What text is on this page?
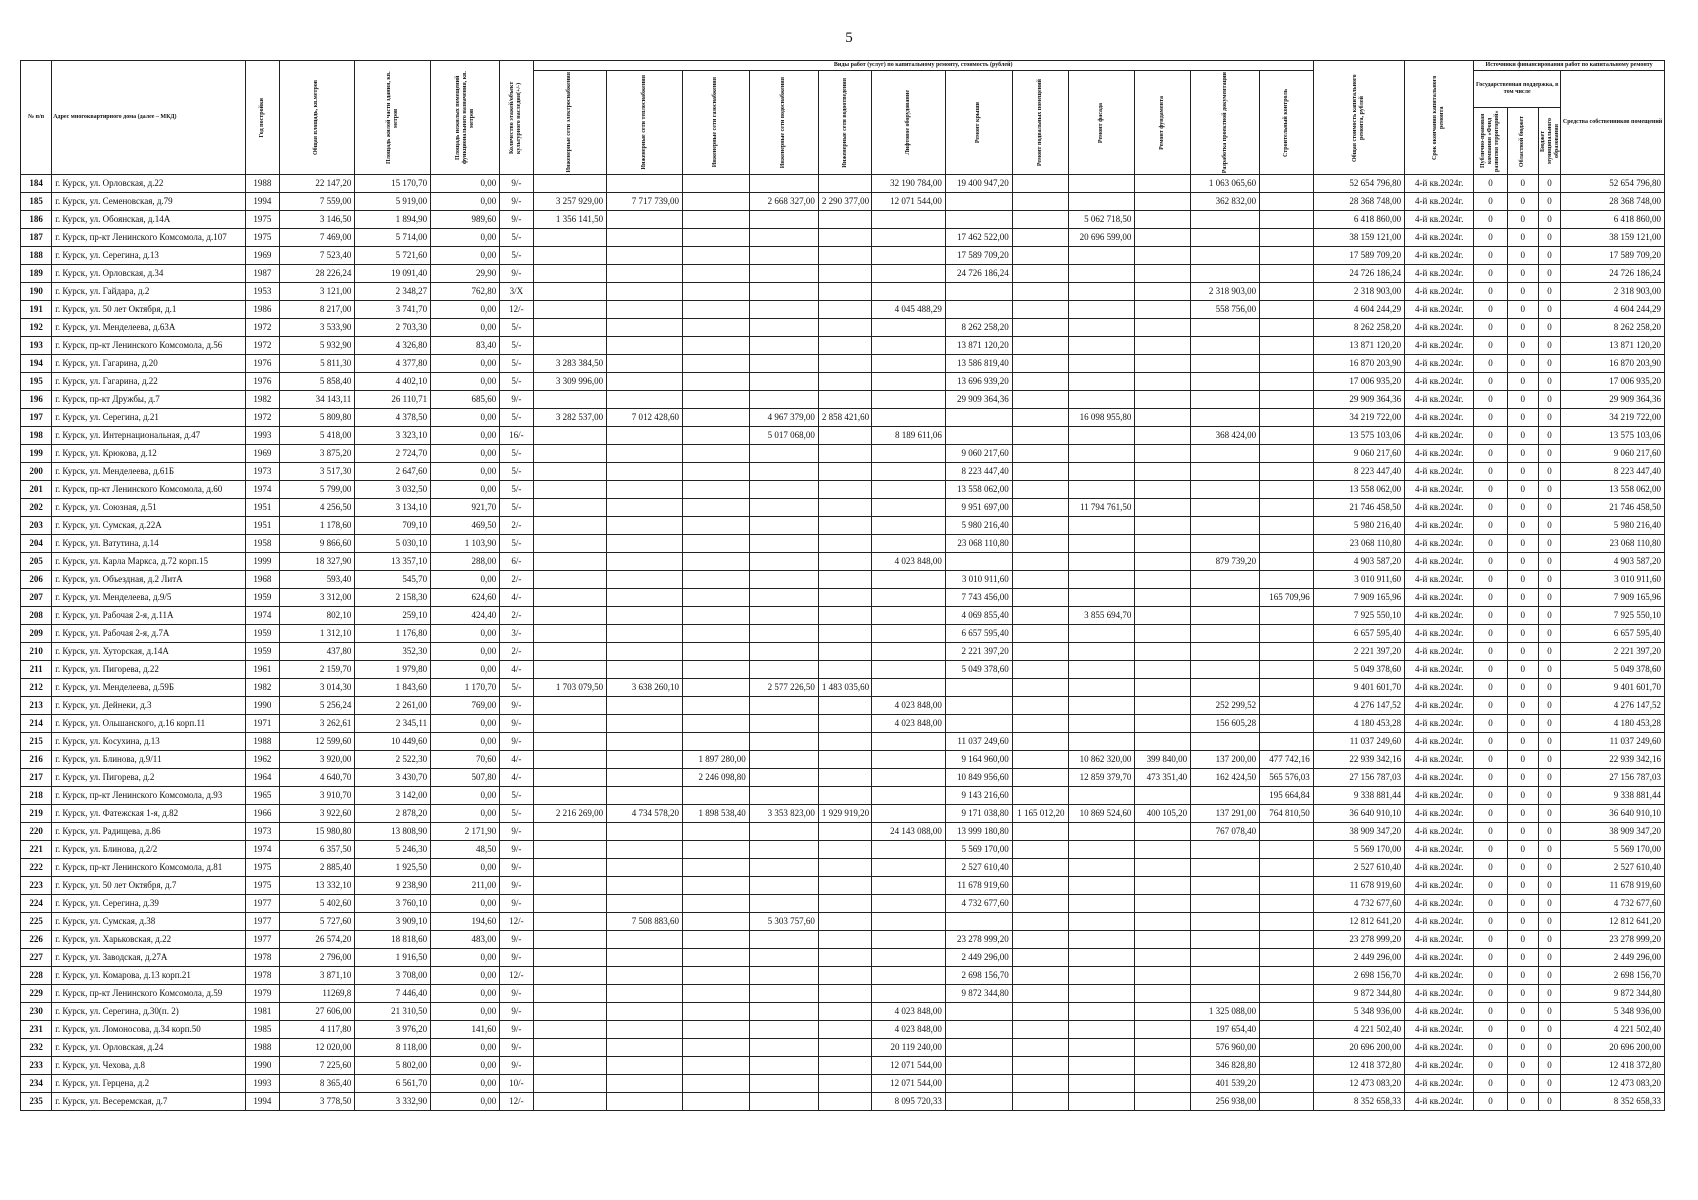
5
№ п/п	Адрес многоквартирного дома (далее – МКД)	Год постройки	Общая площадь, кв.метров	Площадь жилой части здания, кв. метров	Площадь нежилых помещений функционального назначения, кв. метров	Количество этажей/объект культурного наследия(+/-)	Виды работ (услуг) по капитальному ремонту, стоимость (рублей)												Общая стоимость капитального ремонта, рублей	Срок окончания капитального ремонта	Источники финансирования работ по капитальному ремонту			

							Инженерные сети электроснабжения	Инженерные сети теплоснабжения	Инженерные сети газоснабжения	Инженерные сети водоснабжения	Инженерные сети водоотведения	Лифтовое оборудование	Ремонт крыши	Ремонт подвальных помещений	Ремонт фасада	Ремонт фундамента	Разработка проектной документации	Строительный контроль			Государственная поддержка, в том числе			Средства собственников помещений

																					Публично-правовая компания «Фонд развития территорий»	Областной бюджет	Бюджет муниципального образования	

184	г. Курск, ул. Орловская, д.22	1988	22 147,20	15 170,70	0,00	9/-						32 190 784,00	19 400 947,20				1 063 065,60		52 654 796,80	4-й кв.2024г.	0	0	0	52 654 796,80
185	г. Курск, ул. Семеновская, д.79	1994	7 559,00	5 919,00	0,00	9/-	3 257 929,00	7 717 739,00		2 668 327,00	2 290 377,00	12 071 544,00					362 832,00		28 368 748,00	4-й кв.2024г.	0	0	0	28 368 748,00
186	г. Курск, ул. Обоянская, д.14А	1975	3 146,50	1 894,90	989,60	9/-	1 356 141,50								5 062 718,50				6 418 860,00	4-й кв.2024г.	0	0	0	6 418 860,00
187	г. Курск, пр-кт Ленинского Комсомола, д.107	1975	7 469,00	5 714,00	0,00	5/-							17 462 522,00		20 696 599,00				38 159 121,00	4-й кв.2024г.	0	0	0	38 159 121,00
188	г. Курск, ул. Серегина, д.13	1969	7 523,40	5 721,60	0,00	5/-							17 589 709,20						17 589 709,20	4-й кв.2024г.	0	0	0	17 589 709,20
189	г. Курск, ул. Орловская, д.34	1987	28 226,24	19 091,40	29,90	9/-							24 726 186,24						24 726 186,24	4-й кв.2024г.	0	0	0	24 726 186,24
190	г. Курск, ул. Гайдара, д.2	1953	3 121,00	2 348,27	762,80	3/Х											2 318 903,00		2 318 903,00	4-й кв.2024г.	0	0	0	2 318 903,00
191	г. Курск, ул. 50 лет Октября, д.1	1986	8 217,00	3 741,70	0,00	12/-						4 045 488,29					558 756,00		4 604 244,29	4-й кв.2024г.	0	0	0	4 604 244,29
192	г. Курск, ул. Менделеева, д.63А	1972	3 533,90	2 703,30	0,00	5/-							8 262 258,20						8 262 258,20	4-й кв.2024г.	0	0	0	8 262 258,20
193	г. Курск, пр-кт Ленинского Комсомола, д.56	1972	5 932,90	4 326,80	83,40	5/-							13 871 120,20						13 871 120,20	4-й кв.2024г.	0	0	0	13 871 120,20
194	г. Курск, ул. Гагарина, д.20	1976	5 811,30	4 377,80	0,00	5/-	3 283 384,50						13 586 819,40						16 870 203,90	4-й кв.2024г.	0	0	0	16 870 203,90
195	г. Курск, ул. Гагарина, д.22	1976	5 858,40	4 402,10	0,00	5/-	3 309 996,00						13 696 939,20						17 006 935,20	4-й кв.2024г.	0	0	0	17 006 935,20
196	г. Курск, пр-кт Дружбы, д.7	1982	34 143,11	26 110,71	685,60	9/-							29 909 364,36						29 909 364,36	4-й кв.2024г.	0	0	0	29 909 364,36
197	г. Курск, ул. Серегина, д.21	1972	5 809,80	4 378,50	0,00	5/-	3 282 537,00	7 012 428,60		4 967 379,00	2 858 421,60				16 098 955,80				34 219 722,00	4-й кв.2024г.	0	0	0	34 219 722,00
198	г. Курск, ул. Интернациональная, д.47	1993	5 418,00	3 323,10	0,00	16/-				5 017 068,00		8 189 611,06					368 424,00		13 575 103,06	4-й кв.2024г.	0	0	0	13 575 103,06
199	г. Курск, ул. Крюкова, д.12	1969	3 875,20	2 724,70	0,00	5/-							9 060 217,60						9 060 217,60	4-й кв.2024г.	0	0	0	9 060 217,60
200	г. Курск, ул. Менделеева, д.61Б	1973	3 517,30	2 647,60	0,00	5/-							8 223 447,40						8 223 447,40	4-й кв.2024г.	0	0	0	8 223 447,40
201	г. Курск, пр-кт Ленинского Комсомола, д.60	1974	5 799,00	3 032,50	0,00	5/-							13 558 062,00						13 558 062,00	4-й кв.2024г.	0	0	0	13 558 062,00
202	г. Курск, ул. Союзная, д.51	1951	4 256,50	3 134,10	921,70	5/-							9 951 697,00		11 794 761,50				21 746 458,50	4-й кв.2024г.	0	0	0	21 746 458,50
203	г. Курск, ул. Сумская, д.22А	1951	1 178,60	709,10	469,50	2/-							5 980 216,40						5 980 216,40	4-й кв.2024г.	0	0	0	5 980 216,40
204	г. Курск, ул. Ватутина, д.14	1958	9 866,60	5 030,10	1 103,90	5/-							23 068 110,80						23 068 110,80	4-й кв.2024г.	0	0	0	23 068 110,80
205	г. Курск, ул. Карла Маркса, д.72 корп.15	1999	18 327,90	13 357,10	288,00	6/-						4 023 848,00					879 739,20		4 903 587,20	4-й кв.2024г.	0	0	0	4 903 587,20
206	г. Курск, ул. Объездная, д.2 ЛитА	1968	593,40	545,70	0,00	2/-							3 010 911,60						3 010 911,60	4-й кв.2024г.	0	0	0	3 010 911,60
207	г. Курск, ул. Менделеева, д.9/5	1959	3 312,00	2 158,30	624,60	4/-							7 743 456,00					165 709,96	7 909 165,96	4-й кв.2024г.	0	0	0	7 909 165,96
208	г. Курск, ул. Рабочая 2-я, д.11А	1974	802,10	259,10	424,40	2/-							4 069 855,40		3 855 694,70				7 925 550,10	4-й кв.2024г.	0	0	0	7 925 550,10
209	г. Курск, ул. Рабочая 2-я, д.7А	1959	1 312,10	1 176,80	0,00	3/-							6 657 595,40						6 657 595,40	4-й кв.2024г.	0	0	0	6 657 595,40
210	г. Курск, ул. Хуторская, д.14А	1959	437,80	352,30	0,00	2/-							2 221 397,20						2 221 397,20	4-й кв.2024г.	0	0	0	2 221 397,20
211	г. Курск, ул. Пигорева, д.22	1961	2 159,70	1 979,80	0,00	4/-							5 049 378,60						5 049 378,60	4-й кв.2024г.	0	0	0	5 049 378,60
212	г. Курск, ул. Менделеева, д.59Б	1982	3 014,30	1 843,60	1 170,70	5/-	1 703 079,50	3 638 260,10		2 577 226,50	1 483 035,60								9 401 601,70	4-й кв.2024г.	0	0	0	9 401 601,70
213	г. Курск, ул. Дейнеки, д.3	1990	5 256,24	2 261,00	769,00	9/-						4 023 848,00					252 299,52		4 276 147,52	4-й кв.2024г.	0	0	0	4 276 147,52
214	г. Курск, ул. Ольшанского, д.16 корп.11	1971	3 262,61	2 345,11	0,00	9/-						4 023 848,00					156 605,28		4 180 453,28	4-й кв.2024г.	0	0	0	4 180 453,28
215	г. Курск, ул. Косухина, д.13	1988	12 599,60	10 449,60	0,00	9/-							11 037 249,60						11 037 249,60	4-й кв.2024г.	0	0	0	11 037 249,60
216	г. Курск, ул. Блинова, д.9/11	1962	3 920,00	2 522,30	70,60	4/-			1 897 280,00				9 164 960,00		10 862 320,00	399 840,00	137 200,00	477 742,16	22 939 342,16	4-й кв.2024г.	0	0	0	22 939 342,16
217	г. Курск, ул. Пигорева, д.2	1964	4 640,70	3 430,70	507,80	4/-			2 246 098,80				10 849 956,60		12 859 379,70	473 351,40	162 424,50	565 576,03	27 156 787,03	4-й кв.2024г.	0	0	0	27 156 787,03
218	г. Курск, пр-кт Ленинского Комсомола, д.93	1965	3 910,70	3 142,00	0,00	5/-							9 143 216,60					195 664,84	9 338 881,44	4-й кв.2024г.	0	0	0	9 338 881,44
219	г. Курск, ул. Фатежская 1-я, д.82	1966	3 922,60	2 878,20	0,00	5/-	2 216 269,00	4 734 578,20	1 898 538,40	3 353 823,00	1 929 919,20		9 171 038,80	1 165 012,20	10 869 524,60	400 105,20	137 291,00	764 810,50	36 640 910,10	4-й кв.2024г.	0	0	0	36 640 910,10
220	г. Курск, ул. Радищева, д.86	1973	15 980,80	13 808,90	2 171,90	9/-						24 143 088,00	13 999 180,80				767 078,40		38 909 347,20	4-й кв.2024г.	0	0	0	38 909 347,20
221	г. Курск, ул. Блинова, д.2/2	1974	6 357,50	5 246,30	48,50	9/-							5 569 170,00						5 569 170,00	4-й кв.2024г.	0	0	0	5 569 170,00
222	г. Курск, пр-кт Ленинского Комсомола, д.81	1975	2 885,40	1 925,50	0,00	9/-							2 527 610,40						2 527 610,40	4-й кв.2024г.	0	0	0	2 527 610,40
223	г. Курск, ул. 50 лет Октября, д.7	1975	13 332,10	9 238,90	211,00	9/-							11 678 919,60						11 678 919,60	4-й кв.2024г.	0	0	0	11 678 919,60
224	г. Курск, ул. Серегина, д.39	1977	5 402,60	3 760,10	0,00	9/-							4 732 677,60						4 732 677,60	4-й кв.2024г.	0	0	0	4 732 677,60
225	г. Курск, ул. Сумская, д.38	1977	5 727,60	3 909,10	194,60	12/-		7 508 883,60		5 303 757,60									12 812 641,20	4-й кв.2024г.	0	0	0	12 812 641,20
226	г. Курск, ул. Харьковская, д.22	1977	26 574,20	18 818,60	483,00	9/-							23 278 999,20						23 278 999,20	4-й кв.2024г.	0	0	0	23 278 999,20
227	г. Курск, ул. Заводская, д.27А	1978	2 796,00	1 916,50	0,00	9/-							2 449 296,00						2 449 296,00	4-й кв.2024г.	0	0	0	2 449 296,00
228	г. Курск, ул. Комарова, д.13 корп.21	1978	3 871,10	3 708,00	0,00	12/-							2 698 156,70						2 698 156,70	4-й кв.2024г.	0	0	0	2 698 156,70
229	г. Курск, пр-кт Ленинского Комсомола, д.59	1979	11269,8	7 446,40	0,00	9/-							9 872 344,80						9 872 344,80	4-й кв.2024г.	0	0	0	9 872 344,80
230	г. Курск, ул. Серегина, д.30(п. 2)	1981	27 606,00	21 310,50	0,00	9/-						4 023 848,00					1 325 088,00		5 348 936,00	4-й кв.2024г.	0	0	0	5 348 936,00
231	г. Курск, ул. Ломоносова, д.34 корп.50	1985	4 117,80	3 976,20	141,60	9/-						4 023 848,00					197 654,40		4 221 502,40	4-й кв.2024г.	0	0	0	4 221 502,40
232	г. Курск, ул. Орловская, д.24	1988	12 020,00	8 118,00	0,00	9/-						20 119 240,00					576 960,00		20 696 200,00	4-й кв.2024г.	0	0	0	20 696 200,00
233	г. Курск, ул. Чехова, д.8	1990	7 225,60	5 802,00	0,00	9/-						12 071 544,00					346 828,80		12 418 372,80	4-й кв.2024г.	0	0	0	12 418 372,80
234	г. Курск, ул. Герцена, д.2	1993	8 365,40	6 561,70	0,00	10/-						12 071 544,00					401 539,20		12 473 083,20	4-й кв.2024г.	0	0	0	12 473 083,20
235	г. Курск, ул. Весеремская, д.7	1994	3 778,50	3 332,90	0,00	12/-						8 095 720,33					256 938,00		8 352 658,33	4-й кв.2024г.	0	0	0	8 352 658,33
